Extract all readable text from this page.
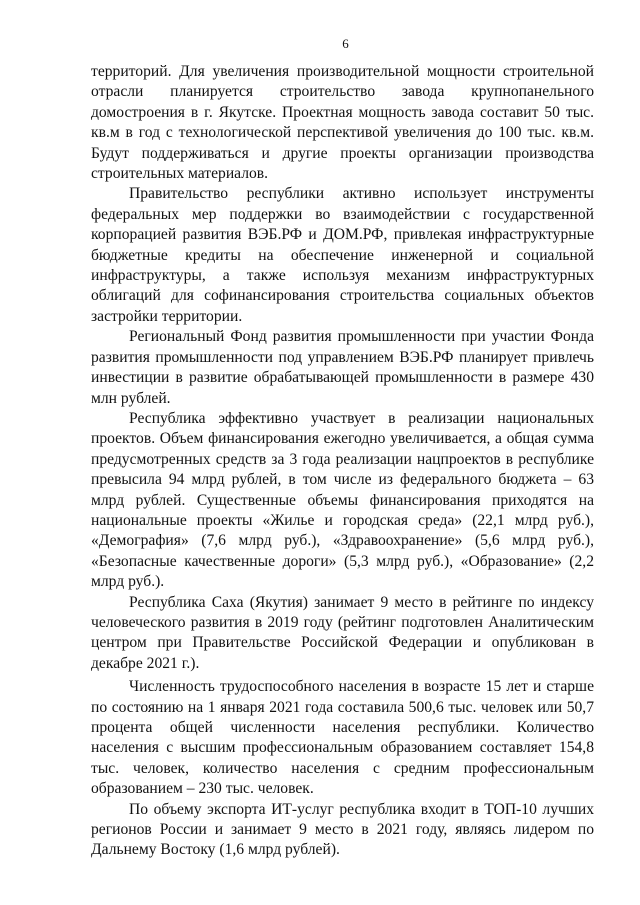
6

территорий. Для увеличения производительной мощности строительной отрасли планируется строительство завода крупнопанельного домостроения в г. Якутске. Проектная мощность завода составит 50 тыс. кв.м в год с технологической перспективой увеличения до 100 тыс. кв.м. Будут поддерживаться и другие проекты организации производства строительных материалов.

Правительство республики активно использует инструменты федеральных мер поддержки во взаимодействии с государственной корпорацией развития ВЭБ.РФ и ДОМ.РФ, привлекая инфраструктурные бюджетные кредиты на обеспечение инженерной и социальной инфраструктуры, а также используя механизм инфраструктурных облигаций для софинансирования строительства социальных объектов застройки территории.

Региональный Фонд развития промышленности при участии Фонда развития промышленности под управлением ВЭБ.РФ планирует привлечь инвестиции в развитие обрабатывающей промышленности в размере 430 млн рублей.

Республика эффективно участвует в реализации национальных проектов. Объем финансирования ежегодно увеличивается, а общая сумма предусмотренных средств за 3 года реализации нацпроектов в республике превысила 94 млрд рублей, в том числе из федерального бюджета – 63 млрд рублей. Существенные объемы финансирования приходятся на национальные проекты «Жилье и городская среда» (22,1 млрд руб.), «Демография» (7,6 млрд руб.), «Здравоохранение» (5,6 млрд руб.), «Безопасные качественные дороги» (5,3 млрд руб.), «Образование» (2,2 млрд руб.).

Республика Саха (Якутия) занимает 9 место в рейтинге по индексу человеческого развития в 2019 году (рейтинг подготовлен Аналитическим центром при Правительстве Российской Федерации и опубликован в декабре 2021 г.).

Численность трудоспособного населения в возрасте 15 лет и старше по состоянию на 1 января 2021 года составила 500,6 тыс. человек или 50,7 процента общей численности населения республики. Количество населения с высшим профессиональным образованием составляет 154,8 тыс. человек, количество населения с средним профессиональным образованием – 230 тыс. человек.

По объему экспорта ИТ-услуг республика входит в ТОП-10 лучших регионов России и занимает 9 место в 2021 году, являясь лидером по Дальнему Востоку (1,6 млрд рублей).
